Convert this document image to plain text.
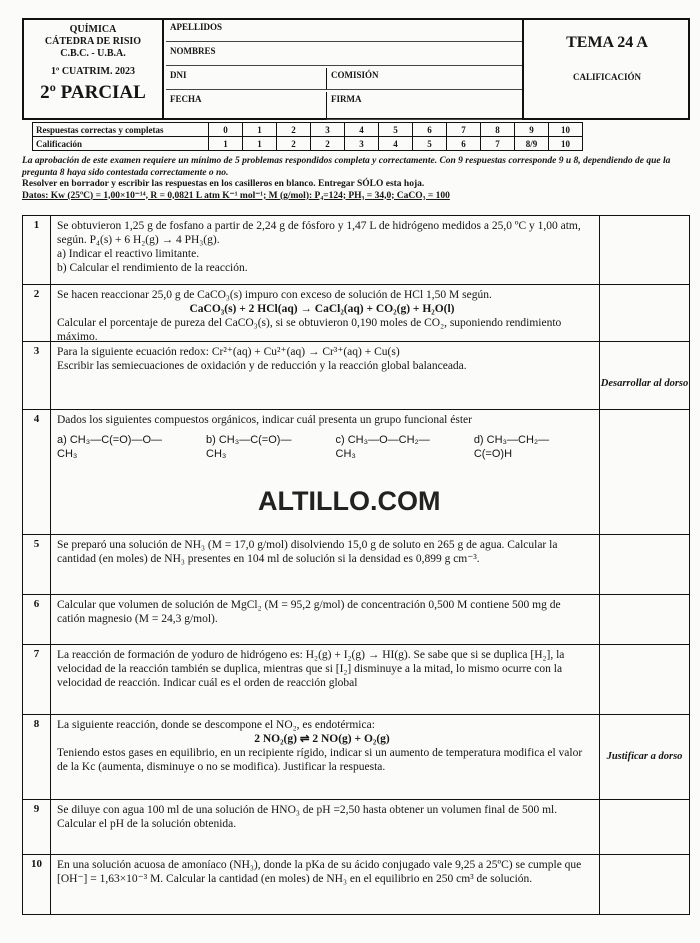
QUÍMICA
CÁTEDRA DE RISIO
C.B.C. - U.B.A.
1º CUATRIM. 2023
2º PARCIAL
APELLIDOS
NOMBRES
DNI	COMISIÓN
FECHA	FIRMA
TEMA 24 A
CALIFICACIÓN
Respuestas correctas y completas	0	1	2	3	4	5	6	7	8	9	10
Calificación	1	1	2	2	3	4	5	6	7	8/9	10
La aprobación de este examen requiere un mínimo de 5 problemas respondidos completa y correctamente. Con 9 respuestas corresponde 9 u 8, dependiendo de que la pregunta 8 haya sido contestada correctamente o no.
Resolver en borrador y escribir las respuestas en los casilleros en blanco. Entregar SÓLO esta hoja.
Datos: Kw (25ºC) = 1,00×10⁻¹⁴, R = 0,0821 L atm K⁻¹ mol⁻¹; M (g/mol): P₄=124; PH₃ = 34,0; CaCO₃ = 100
1	Se obtuvieron 1,25 g de fosfano a partir de 2,24 g de fósforo y 1,47 L de hidrógeno medidos a 25,0 ºC y 1,00 atm, según. P₄(s) + 6 H₂(g) → 4 PH₃(g).
a) Indicar el reactivo limitante.
b) Calcular el rendimiento de la reacción.
2	Se hacen reaccionar 25,0 g de CaCO₃(s) impuro con exceso de solución de HCl 1,50 M según.
CaCO₃(s) + 2 HCl(aq) → CaCl₂(aq) + CO₂(g) + H₂O(l)
Calcular el porcentaje de pureza del CaCO₃(s), si se obtuvieron 0,190 moles de CO₂, suponiendo rendimiento máximo.
3	Para la siguiente ecuación redox: Cr²⁺(aq) + Cu²⁺(aq) → Cr³⁺(aq) + Cu(s)
Escribir las semiecuaciones de oxidación y de reducción y la reacción global balanceada.
Desarrollar al dorso
4	Dados los siguientes compuestos orgánicos, indicar cuál presenta un grupo funcional éster
a) CH₃—C(=O)—O—CH₃
b) CH₃—C(=O)—CH₃
c) CH₃—O—CH₂—CH₃
d) CH₃—CH₂—C(=O)H
5	Se preparó una solución de NH₃ (M = 17,0 g/mol) disolviendo 15,0 g de soluto en 265 g de agua. Calcular la cantidad (en moles) de NH₃ presentes en 104 ml de solución si la densidad es 0,899 g cm⁻³.
6	Calcular que volumen de solución de MgCl₂ (M = 95,2 g/mol) de concentración 0,500 M contiene 500 mg de catión magnesio (M = 24,3 g/mol).
7	La reacción de formación de yoduro de hidrógeno es: H₂(g) + I₂(g) → HI(g). Se sabe que si se duplica [H₂], la velocidad de la reacción también se duplica, mientras que si [I₂] disminuye a la mitad, lo mismo ocurre con la velocidad de reacción. Indicar cuál es el orden de reacción global
8	La siguiente reacción, donde se descompone el NO₂, es endotérmica:
2 NO₂(g) ⇌ 2 NO(g) + O₂(g)
Teniendo estos gases en equilibrio, en un recipiente rígido, indicar si un aumento de temperatura modifica el valor de la Kc (aumenta, disminuye o no se modifica). Justificar la respuesta.
Justificar a dorso
9	Se diluye con agua 100 ml de una solución de HNO₃ de pH =2,50 hasta obtener un volumen final de 500 ml. Calcular el pH de la solución obtenida.
10	En una solución acuosa de amoníaco (NH₃), donde la pKa de su ácido conjugado vale 9,25 a 25ºC) se cumple que [OH⁻] = 1,63×10⁻³ M. Calcular la cantidad (en moles) de NH₃ en el equilibrio en 250 cm³ de solución.
ALTILLO.COM
